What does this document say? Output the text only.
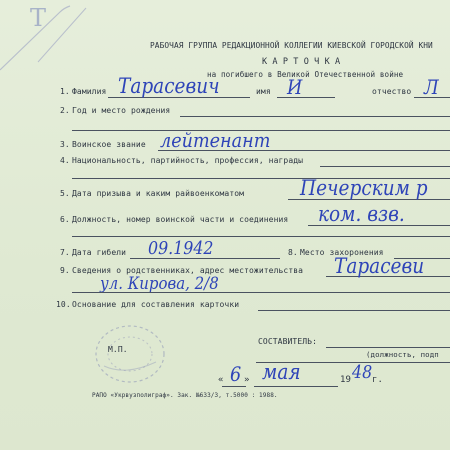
Т
РАБОЧАЯ ГРУППА РЕДАКЦИОННОЙ КОЛЛЕГИИ КИЕВСКОЙ ГОРОДСКОЙ КНИ
К А Р Т О Ч К А
на погибшего в Великой Отечественной войне
1. Фамилия Тарасевич	имя И	отчество Л
2. Год и место рождения
3. Воинское звание лейтенант
4. Национальность, партийность, профессия, награды
5. Дата призыва и каким райвоенкоматом	Печерским р
6. Должность, номер воинской части и соединения ком. взв.
7. Дата гибели 09.1942	8. Место захоронения
9. Сведения о родственниках, адрес местожительства Тарасеви
ул. Кирова, 2/8
10. Основание для составления карточки
М.П.
СОСТАВИТЕЛЬ:
(должность, подп
« 6 » мая	19 48 г.
РАПО «Укрвузполиграф». Зак. №633/3, т.5000 : 1988.
